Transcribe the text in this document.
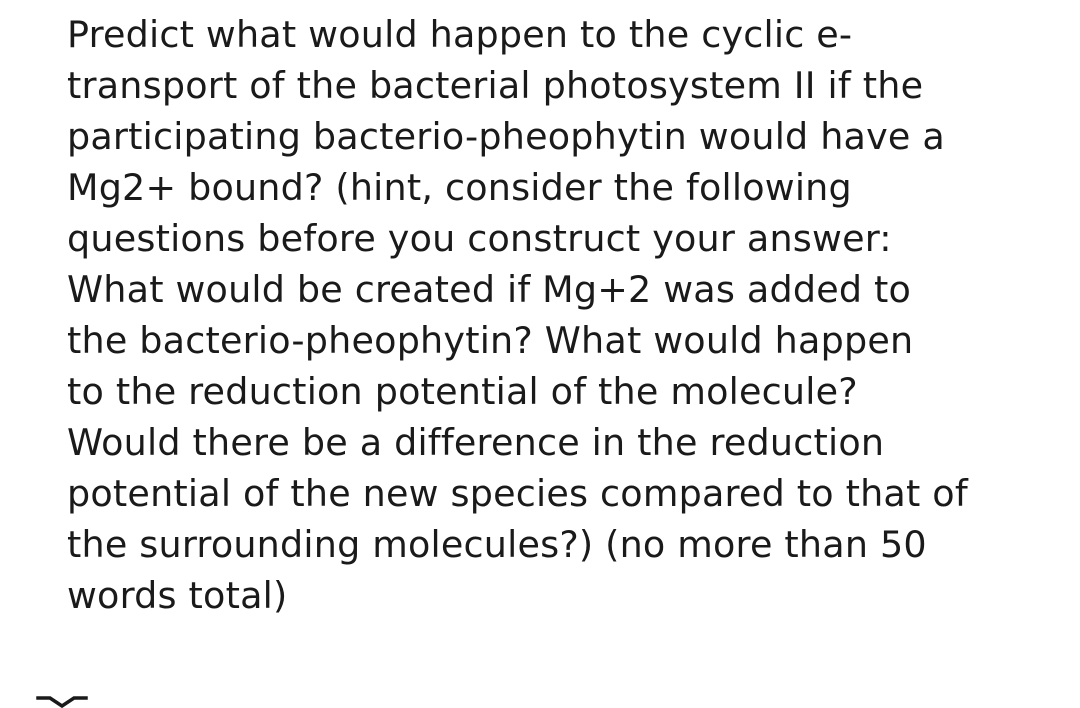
Predict what would happen to the cyclic e-
transport of the bacterial photosystem II if the
participating bacterio-pheophytin would have a
Mg2+ bound? (hint, consider the following
questions before you construct your answer:
What would be created if Mg+2 was added to
the bacterio-pheophytin? What would happen
to the reduction potential of the molecule?
Would there be a difference in the reduction
potential of the new species compared to that of
the surrounding molecules?) (no more than 50
words total)
